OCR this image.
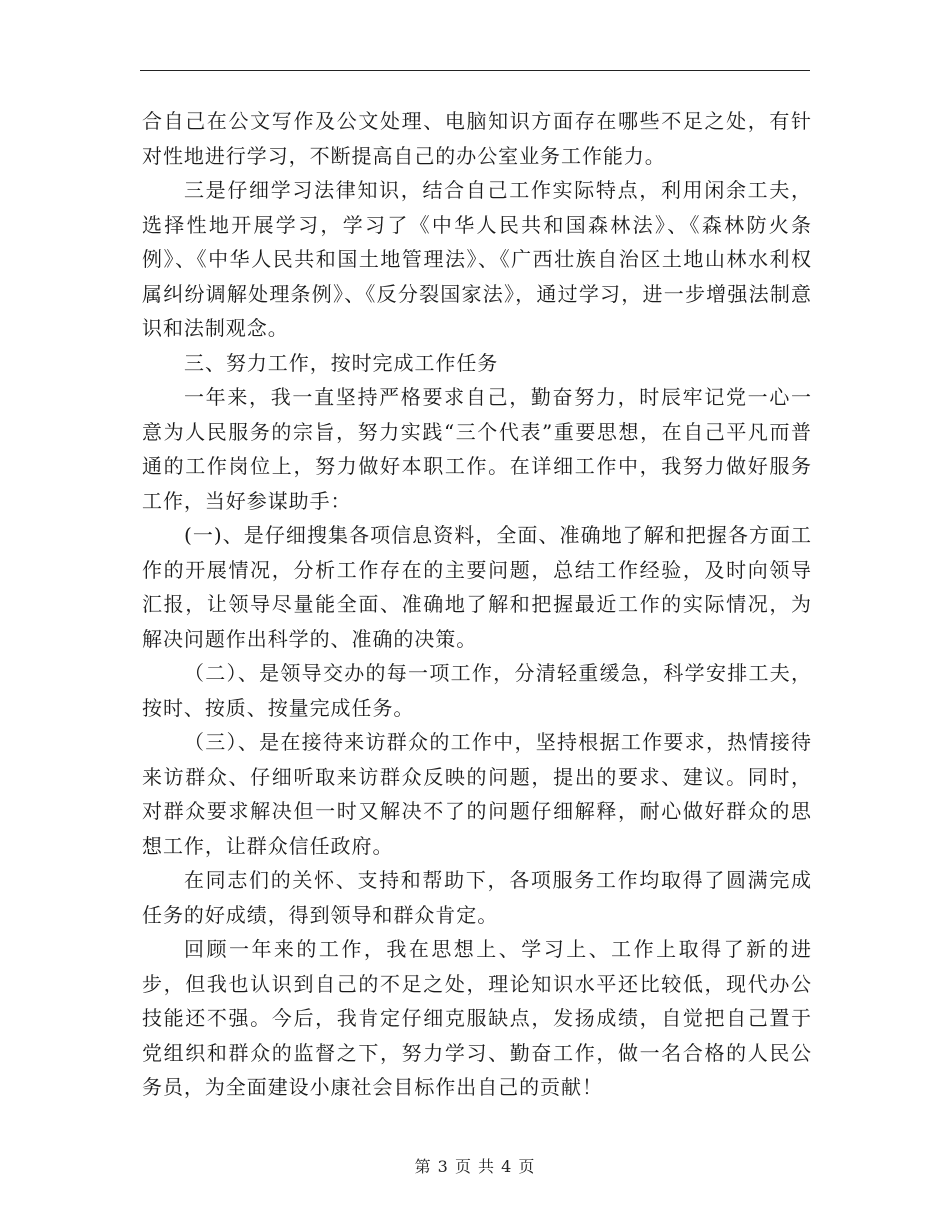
合自己在公文写作及公文处理、电脑知识方面存在哪些不足之处，有针对性地进行学习，不断提高自己的办公室业务工作能力。

三是仔细学习法律知识，结合自己工作实际特点，利用闲余工夫，选择性地开展学习，学习了《中华人民共和国森林法》、《森林防火条例》、《中华人民共和国土地管理法》、《广西壮族自治区土地山林水利权属纠纷调解处理条例》、《反分裂国家法》，通过学习，进一步增强法制意识和法制观念。

三、努力工作，按时完成工作任务

一年来，我一直坚持严格要求自己，勤奋努力，时辰牢记党一心一意为人民服务的宗旨，努力实践“三个代表”重要思想，在自己平凡而普通的工作岗位上，努力做好本职工作。在详细工作中，我努力做好服务工作，当好参谋助手：

(一)、是仔细搜集各项信息资料，全面、准确地了解和把握各方面工作的开展情况，分析工作存在的主要问题，总结工作经验，及时向领导汇报，让领导尽量能全面、准确地了解和把握最近工作的实际情况，为解决问题作出科学的、准确的决策。

（二）、是领导交办的每一项工作，分清轻重缓急，科学安排工夫，按时、按质、按量完成任务。

（三）、是在接待来访群众的工作中，坚持根据工作要求，热情接待来访群众、仔细听取来访群众反映的问题，提出的要求、建议。同时，对群众要求解决但一时又解决不了的问题仔细解释，耐心做好群众的思想工作，让群众信任政府。

在同志们的关怀、支持和帮助下，各项服务工作均取得了圆满完成任务的好成绩，得到领导和群众肯定。

回顾一年来的工作，我在思想上、学习上、工作上取得了新的进步，但我也认识到自己的不足之处，理论知识水平还比较低，现代办公技能还不强。今后，我肯定仔细克服缺点，发扬成绩，自觉把自己置于党组织和群众的监督之下，努力学习、勤奋工作，做一名合格的人民公务员，为全面建设小康社会目标作出自己的贡献！

第 3 页 共 4 页
